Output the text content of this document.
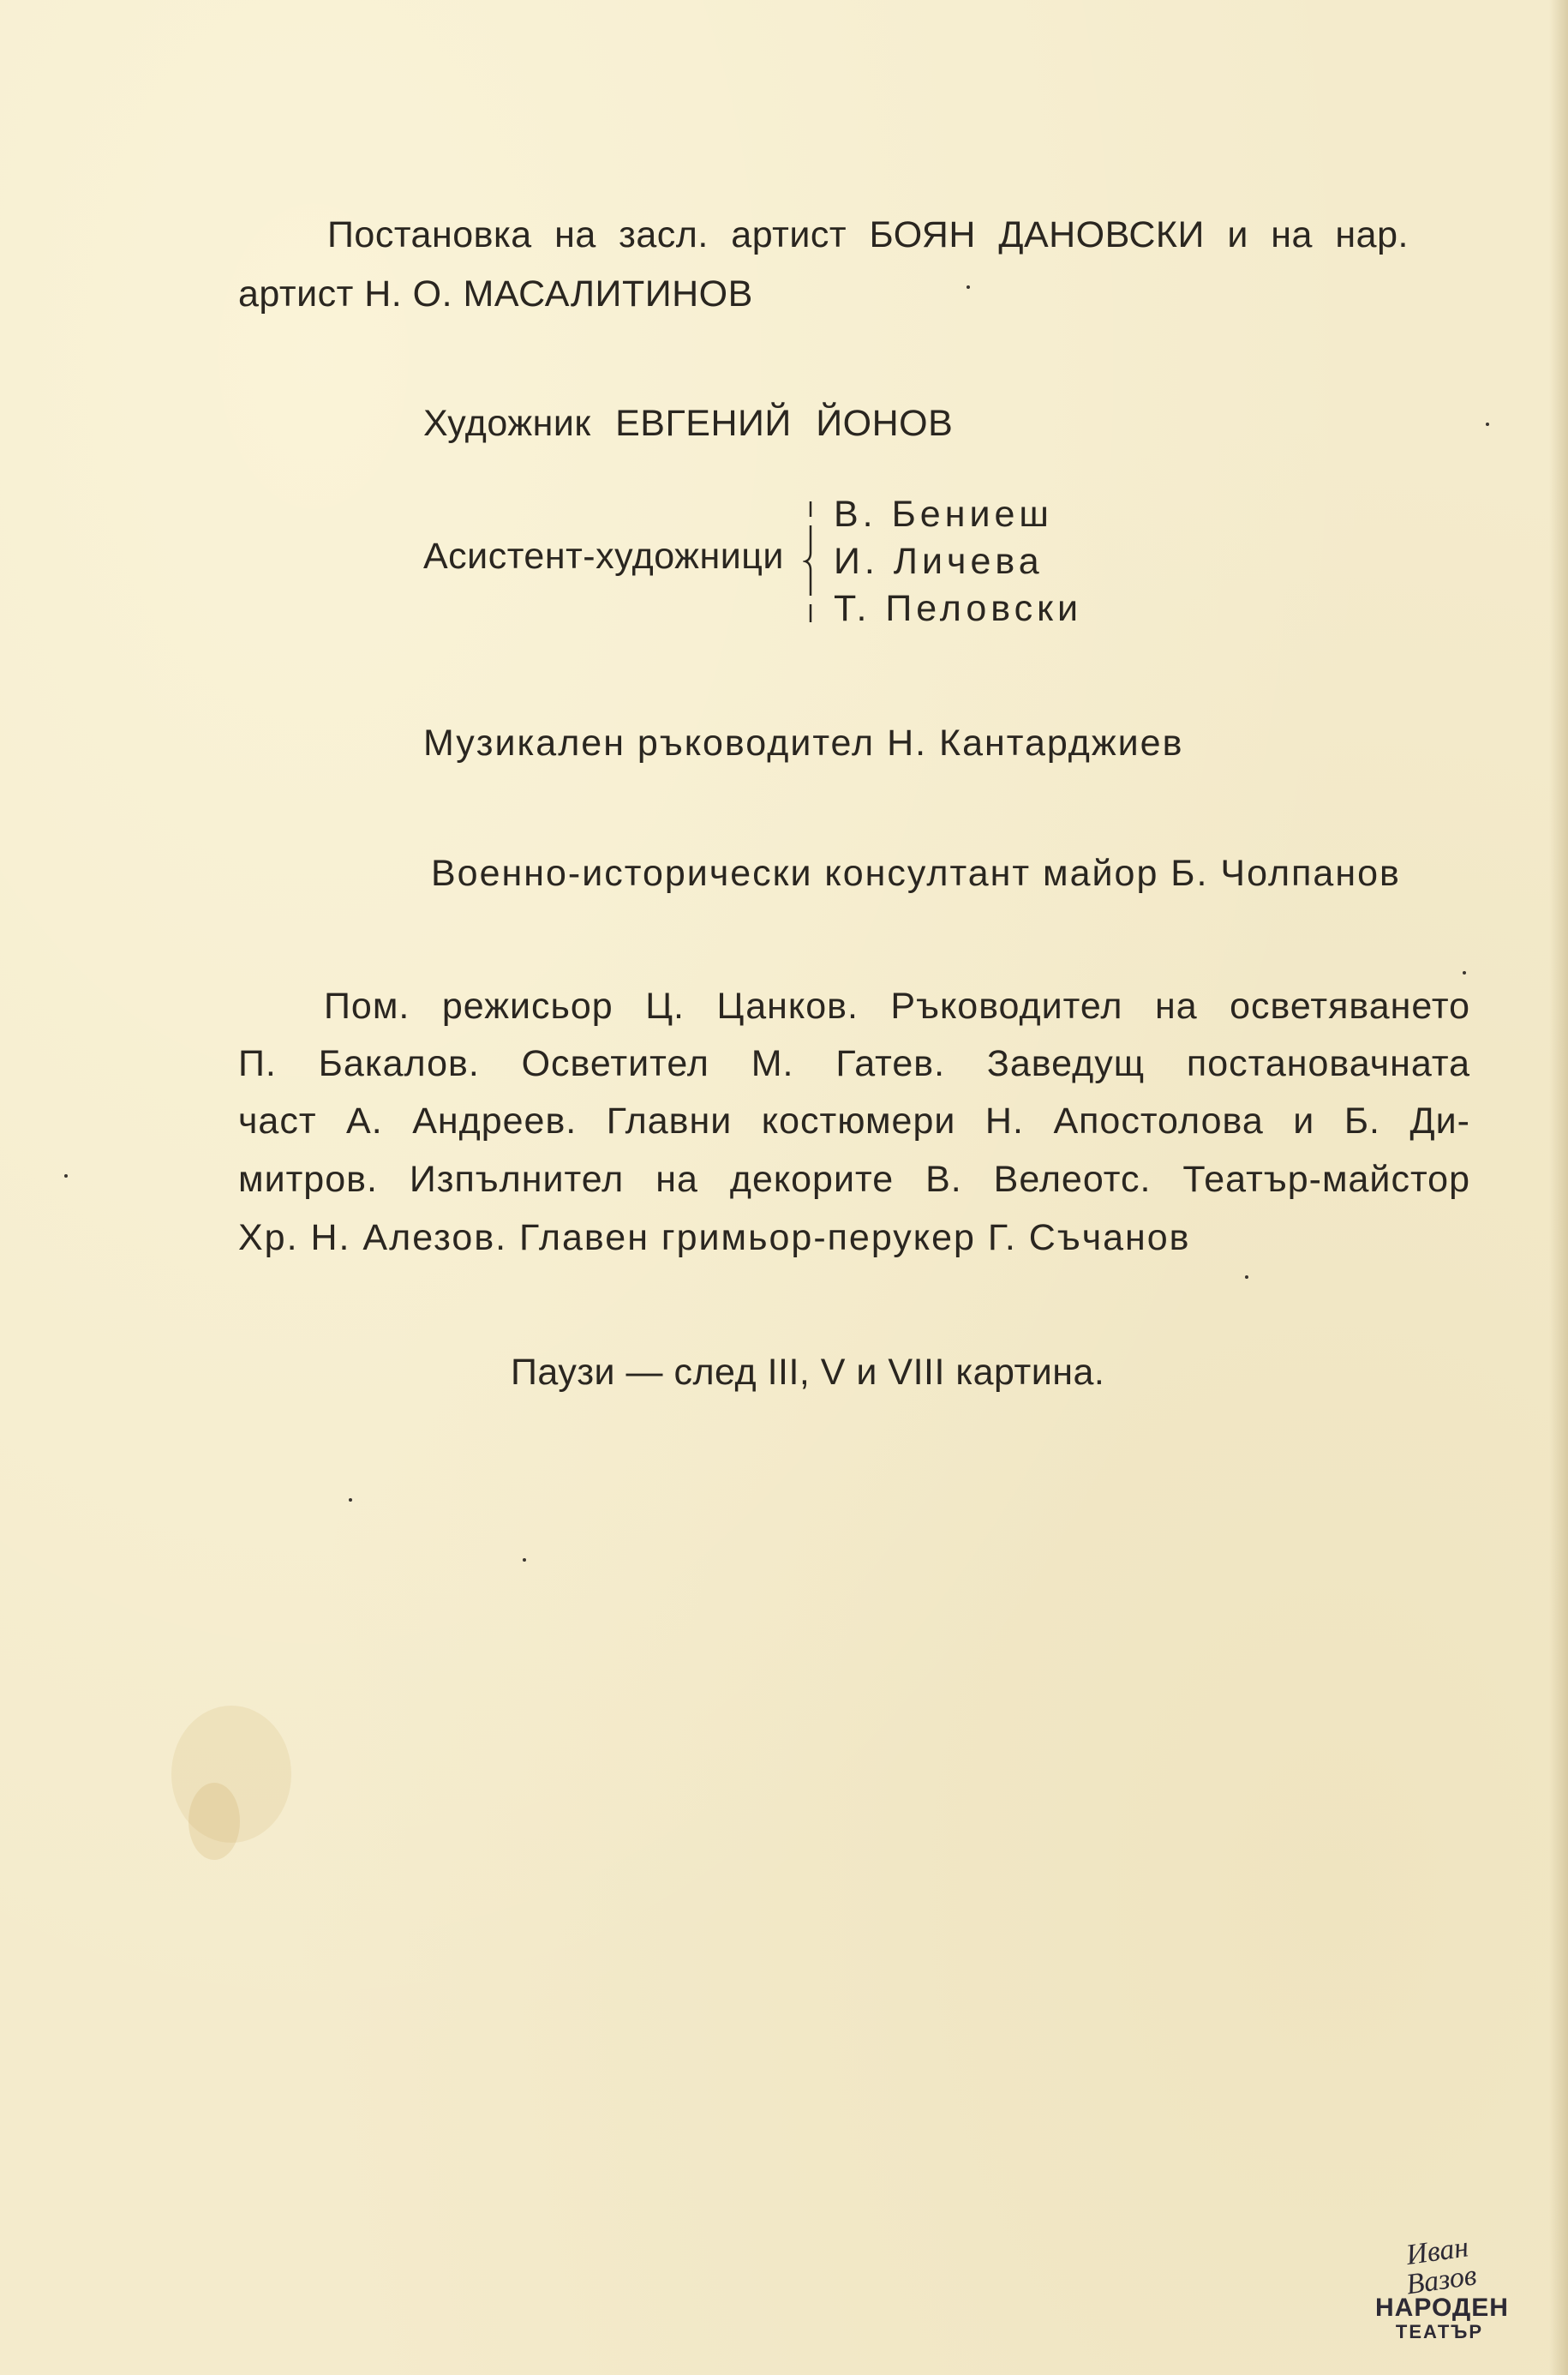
Постановка на засл. артист БОЯН ДАНОВСКИ и на нар.
артист Н. О. МАСАЛИТИНОВ
Художник ЕВГЕНИЙ ЙОНОВ
Асистент-художници
В. Бениеш
И. Личева
Т. Пеловски
Музикален ръководител Н. Кантарджиев
Военно-исторически консултант майор Б. Чолпанов
Пом. режисьор Ц. Цанков. Ръководител на осветяването
П. Бакалов. Осветител М. Гатев. Заведущ постановачната
част А. Андреев. Главни костюмери Н. Апостолова и Б. Ди-
митров. Изпълнител на декорите В. Велеотс. Театър-майстор
Хр. Н. Алезов. Главен гримьор-перукер Г. Съчанов
Паузи — след III, V и VIII картина.
Иван Вазов
НАРОДЕН
ТЕАТЪР
